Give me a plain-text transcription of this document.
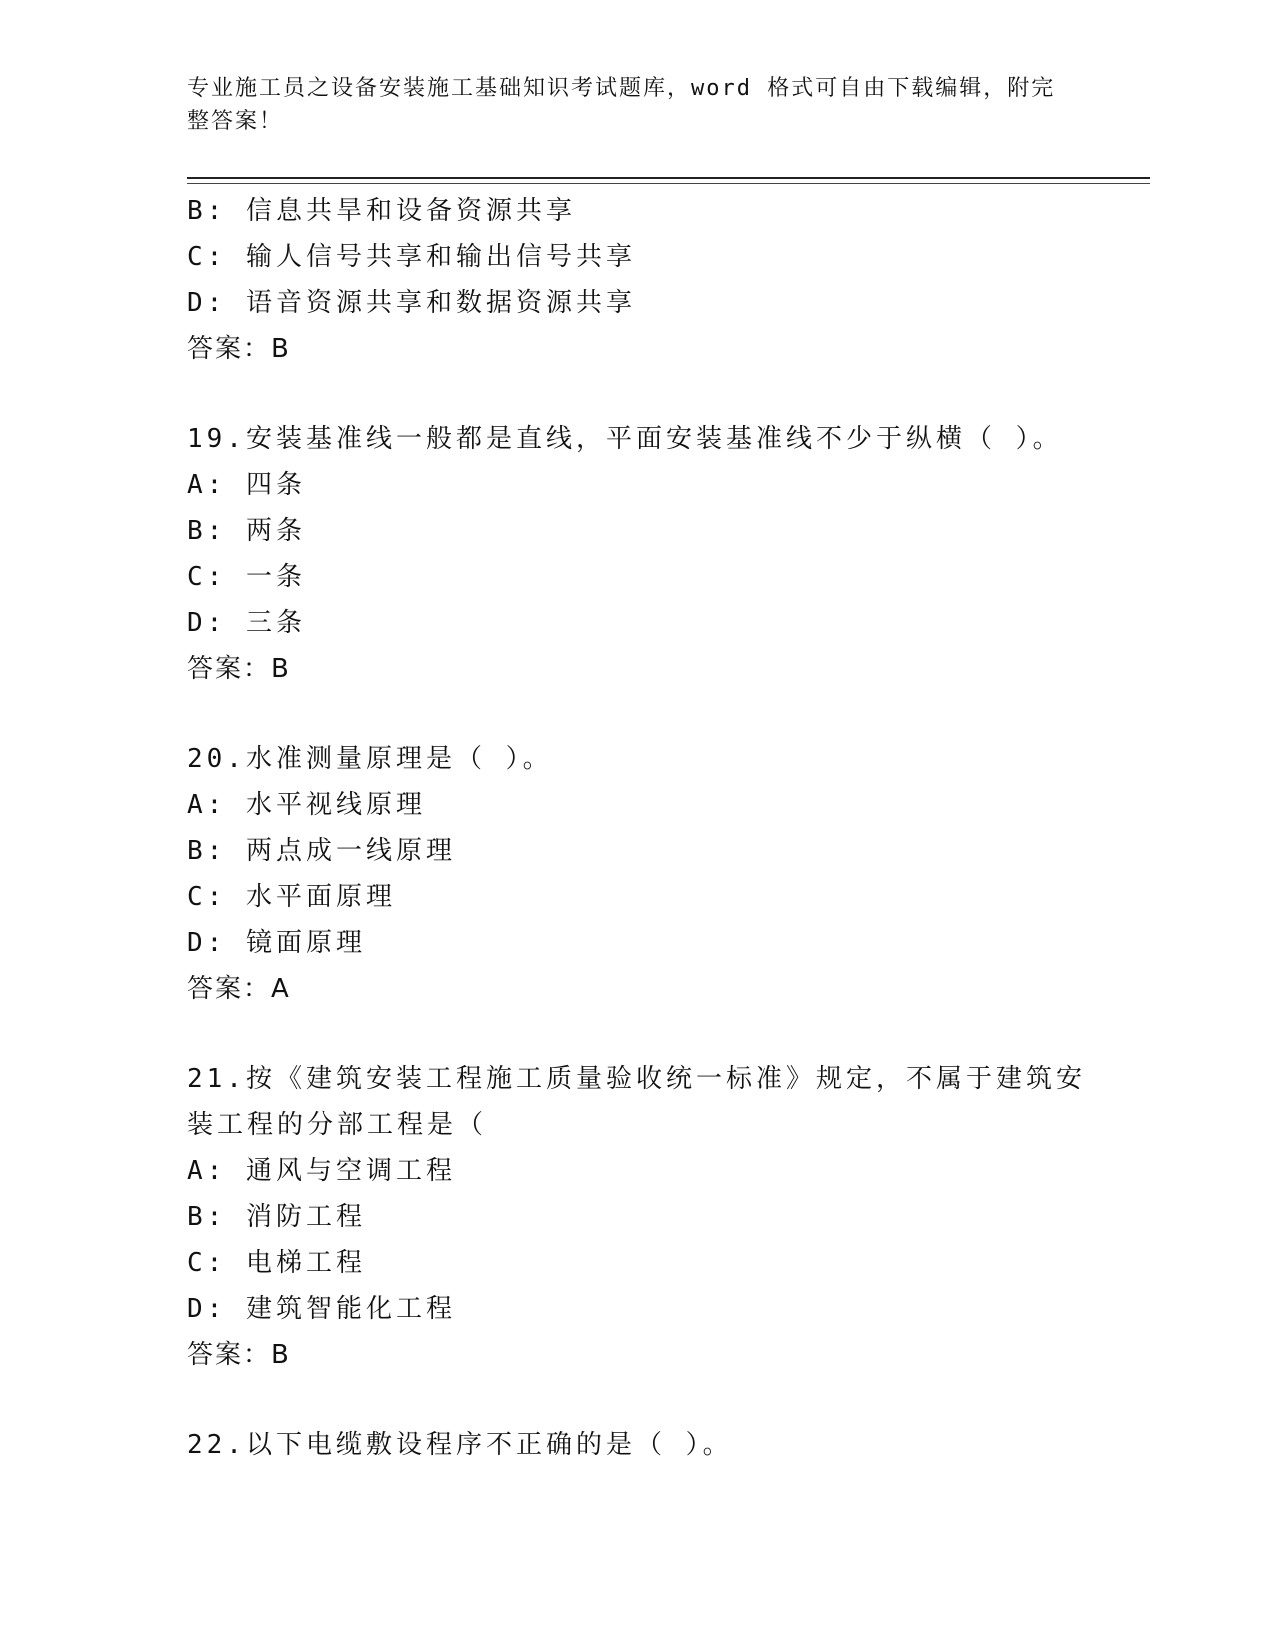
专业施工员之设备安装施工基础知识考试题库，word 格式可自由下载编辑，附完整答案！
B: 信息共旱和设备资源共享
C: 输人信号共享和输出信号共享
D: 语音资源共享和数据资源共享
答案：B
19.安装基准线一般都是直线，平面安装基准线不少于纵横（ ）。
A: 四条
B: 两条
C: 一条
D: 三条
答案：B
20.水准测量原理是（ ）。
A: 水平视线原理
B: 两点成一线原理
C: 水平面原理
D: 镜面原理
答案：A
21.按《建筑安装工程施工质量验收统一标准》规定，不属于建筑安装工程的分部工程是（
A: 通风与空调工程
B: 消防工程
C: 电梯工程
D: 建筑智能化工程
答案：B
22.以下电缆敷设程序不正确的是（ ）。
